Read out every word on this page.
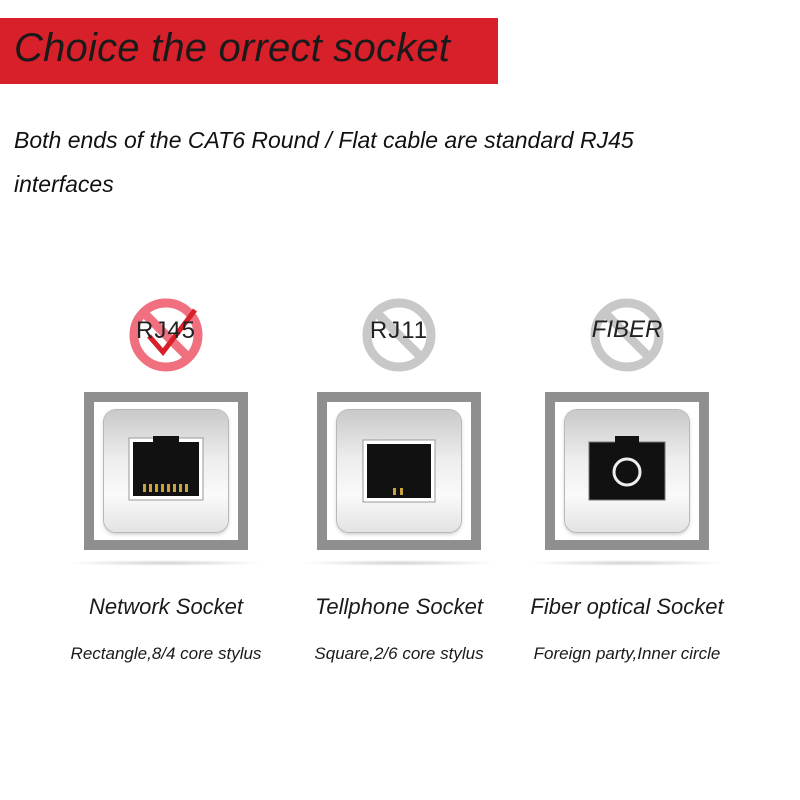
Choice the orrect socket
Both ends of the CAT6 Round / Flat cable are standard RJ45 interfaces
RJ45
Network Socket
Rectangle,8/4 core stylus
RJ11
Tellphone Socket
Square,2/6 core stylus
FIBER
Fiber optical Socket
Foreign party,Inner circle
